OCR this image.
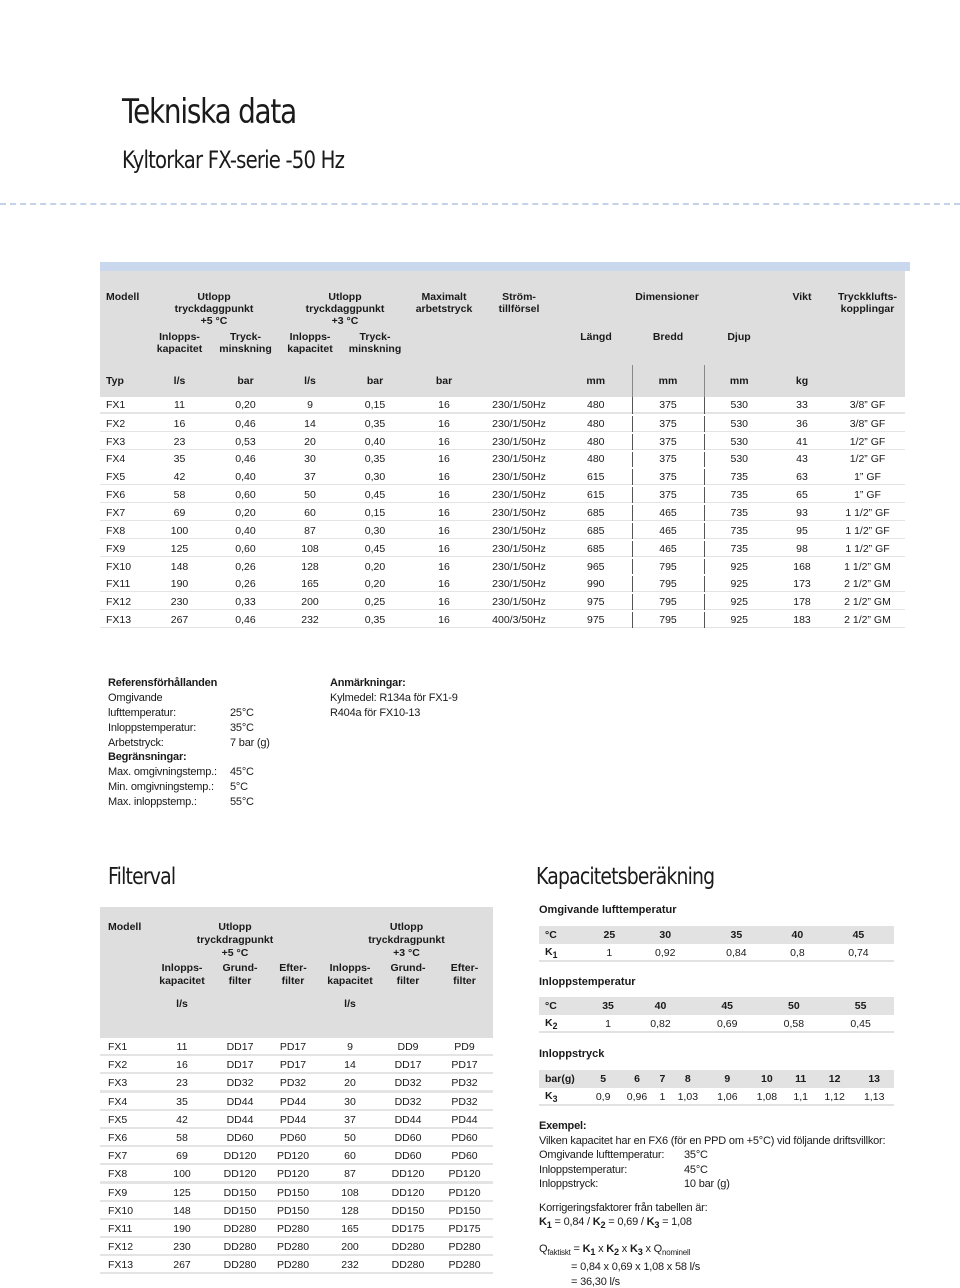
Tekniska data
Kyltorkar FX-serie -50 Hz
Modell	Utlopp
tryckdaggpunkt
+5 °C		Utlopp
tryckdaggpunkt
+3 °C		Maximalt
arbetstryck	Ström-
tillförsel	Dimensioner			Vikt	Tryckklufts-
kopplingar
	Inlopps-
kapacitet	Tryck-
minskning	Inlopps-
kapacitet	Tryck-
minskning			Längd	Bredd	Djup		
Typ	l/s	bar	l/s	bar	bar		mm	mm	mm	kg	
FX1	11	0,20	9	0,15	16	230/1/50Hz	480	375	530	33	3/8” GF
FX2	16	0,46	14	0,35	16	230/1/50Hz	480	375	530	36	3/8” GF
FX3	23	0,53	20	0,40	16	230/1/50Hz	480	375	530	41	1/2” GF
FX4	35	0,46	30	0,35	16	230/1/50Hz	480	375	530	43	1/2” GF
FX5	42	0,40	37	0,30	16	230/1/50Hz	615	375	735	63	1” GF
FX6	58	0,60	50	0,45	16	230/1/50Hz	615	375	735	65	1” GF
FX7	69	0,20	60	0,15	16	230/1/50Hz	685	465	735	93	1 1/2” GF
FX8	100	0,40	87	0,30	16	230/1/50Hz	685	465	735	95	1 1/2” GF
FX9	125	0,60	108	0,45	16	230/1/50Hz	685	465	735	98	1 1/2” GF
FX10	148	0,26	128	0,20	16	230/1/50Hz	965	795	925	168	1 1/2” GM
FX11	190	0,26	165	0,20	16	230/1/50Hz	990	795	925	173	2 1/2” GM
FX12	230	0,33	200	0,25	16	230/1/50Hz	975	795	925	178	2 1/2” GM
FX13	267	0,46	232	0,35	16	400/3/50Hz	975	795	925	183	2 1/2” GM
Referensförhållanden
Omgivande lufttemperatur:	25°C
Inloppstemperatur:	35°C
Arbetstryck:	7 bar (g)
Begränsningar:
Max. omgivningstemp.: 45°C
Min. omgivningstemp.: 5°C
Max. inloppstemp.:	55°C
Anmärkningar:
Kylmedel: R134a för FX1-9
R404a för FX10-13
Filterval	Kapacitetsberäkning
Modell	Utlopp
tryckdragpunkt
+5 °C			Utlopp
tryckdragpunkt
+3 °C		
	Inlopps-
kapacitet	Grund-
filter	Efter-
filter	Inlopps-
kapacitet	Grund-
filter	Efter-
filter
	l/s			l/s		
FX1	11	DD17	PD17	9	DD9	PD9
FX2	16	DD17	PD17	14	DD17	PD17
FX3	23	DD32	PD32	20	DD32	PD32
FX4	35	DD44	PD44	30	DD32	PD32
FX5	42	DD44	PD44	37	DD44	PD44
FX6	58	DD60	PD60	50	DD60	PD60
FX7	69	DD120	PD120	60	DD60	PD60
FX8	100	DD120	PD120	87	DD120	PD120
FX9	125	DD150	PD150	108	DD120	PD120
FX10	148	DD150	PD150	128	DD150	PD150
FX11	190	DD280	PD280	165	DD175	PD175
FX12	230	DD280	PD280	200	DD280	PD280
FX13	267	DD280	PD280	232	DD280	PD280
Omgivande lufttemperatur
°C	25	30	35	40	45
$K_1$	1	0,92	0,84	0,8	0,74
Inloppstemperatur
°C	35	40	45	50	55
$K_2$	1	0,82	0,69	0,58	0,45
Inloppstryck
bar(g)	5	6	7	8	9	10	11	12	13
$K_3$	0,9	0,96	1	1,03	1,06	1,08	1,1	1,12	1,13
Exempel:
Vilken kapacitet har en FX6 (för en PPD om +5°C) vid följande driftsvillkor:
Omgivande lufttemperatur: 35°C
Inloppstemperatur:	45°C
Inloppstryck:	10 bar (g)
Korrigeringsfaktorer från tabellen är:
$K_1 = 0,84 / K_2 = 0,69 / K_3 = 1,08$
$Q_{faktiskt} = K_1$ x $K_2$ x $K_3$ x $Q_{nominell}$
= 0,84 x 0,69 x 1,08 x 58 l/s
= 36,30 l/s
